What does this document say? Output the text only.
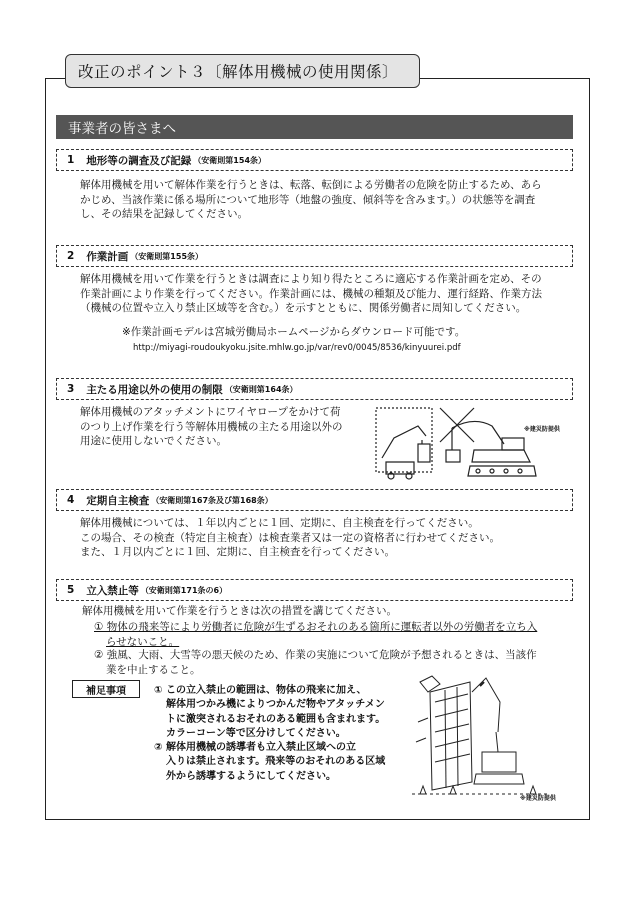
改正のポイント３〔解体用機械の使用関係〕
事業者の皆さまへ
1 地形等の調査及び記録 （安衛則第154条）

解体用機械を用いて解体作業を行うときは、転落、転倒による労働者の危険を防止するため、あら

かじめ、当該作業に係る場所について地形等（地盤の強度、傾斜等を含みます。）の状態等を調査

し、その結果を記録してください。

2 作業計画 （安衛則第155条）

解体用機械を用いて作業を行うときは調査により知り得たところに適応する作業計画を定め、その

作業計画により作業を行ってください。作業計画には、機械の種類及び能力、運行経路、作業方法

（機械の位置や立入り禁止区域等を含む。）を示すとともに、関係労働者に周知してください。

※作業計画モデルは宮城労働局ホームページからダウンロード可能です。
http://miyagi-roudoukyoku.jsite.mhlw.go.jp/var/rev0/0045/8536/kinyuurei.pdf
3 主たる用途以外の使用の制限 （安衛則第164条）

解体用機械のアタッチメントにワイヤロープをかけて荷

のつり上げ作業を行う等解体用機械の主たる用途以外の

用途に使用しないでください。

※建災防提供
4 定期自主検査 （安衛則第167条及び第168条）

解体用機械については、１年以内ごとに１回、定期に、自主検査を行ってください。

この場合、その検査（特定自主検査）は検査業者又は一定の資格者に行わせてください。

また、１月以内ごとに１回、定期に、自主検査を行ってください。

5 立入禁止等 （安衛則第171条の6）
解体用機械を用いて作業を行うときは次の措置を講じてください。

① 物体の飛来等により労働者に危険が生ずるおそれのある箇所に運転者以外の労働者を立ち入

らせないこと。

② 強風、大雨、大雪等の悪天候のため、作業の実施について危険が予想されるときは、当該作

業を中止すること。

補足事項	① この立入禁止の範囲は、物体の飛来に加え、

解体用つかみ機によりつかんだ物やアタッチメン

トに激突されるおそれのある範囲も含まれます。

カラーコーン等で区分けしてください。

② 解体用機械の誘導者も立入禁止区域への立

入りは禁止されます。飛来等のおそれのある区域

外から誘導するようにしてください。

※建災防提供
